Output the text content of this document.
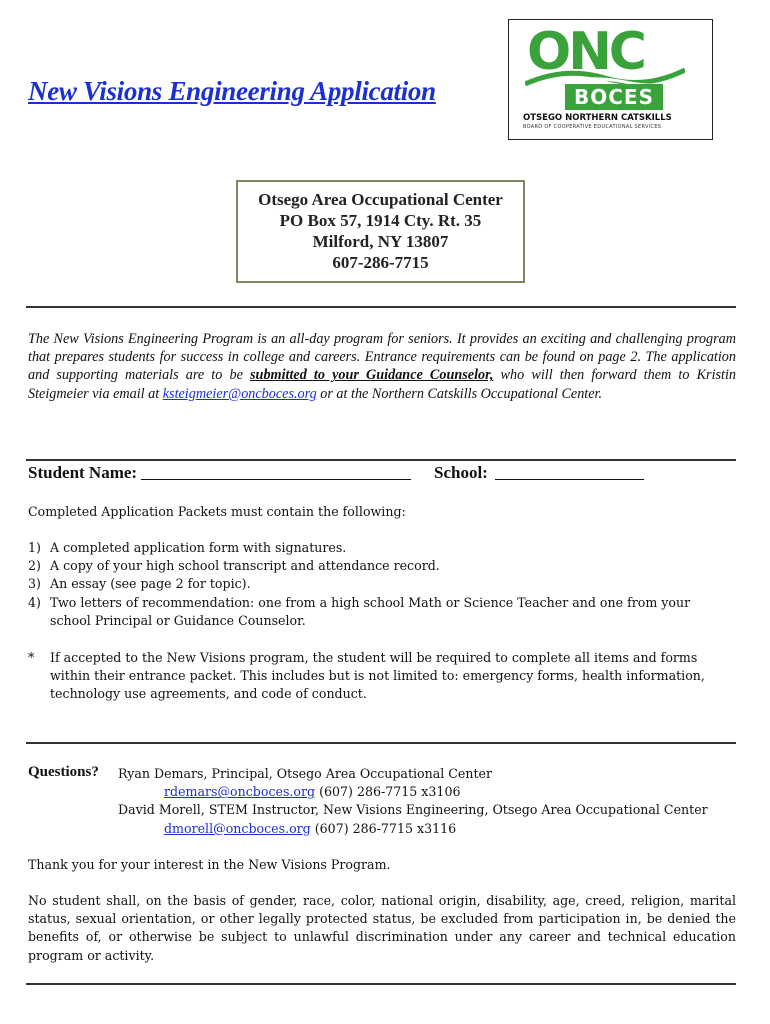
New Visions Engineering Application
ONC
BOCES
OTSEGO NORTHERN CATSKILLS
BOARD OF COOPERATIVE EDUCATIONAL SERVICES
Otsego Area Occupational Center
PO Box 57, 1914 Cty. Rt. 35
Milford, NY 13807
607-286-7715
The New Visions Engineering Program is an all-day program for seniors. It provides an exciting and challenging program that prepares students for success in college and careers. Entrance requirements can be found on page 2. The application and supporting materials are to be submitted to your Guidance Counselor, who will then forward them to Kristin Steigmeier via email at ksteigmeier@oncboces.org or at the Northern Catskills Occupational Center.
Student Name:	School:
Completed Application Packets must contain the following:
1) A completed application form with signatures.
2) A copy of your high school transcript and attendance record.
3) An essay (see page 2 for topic).
4) Two letters of recommendation: one from a high school Math or Science Teacher and one from your school Principal or Guidance Counselor.
*	If accepted to the New Visions program, the student will be required to complete all items and forms within their entrance packet. This includes but is not limited to: emergency forms, health information, technology use agreements, and code of conduct.
Questions? Ryan Demars, Principal, Otsego Area Occupational Center
rdemars@oncboces.org (607) 286-7715 x3106
David Morell, STEM Instructor, New Visions Engineering, Otsego Area Occupational Center
dmorell@oncboces.org (607) 286-7715 x3116
Thank you for your interest in the New Visions Program.
No student shall, on the basis of gender, race, color, national origin, disability, age, creed, religion, marital status, sexual orientation, or other legally protected status, be excluded from participation in, be denied the benefits of, or otherwise be subject to unlawful discrimination under any career and technical education program or activity.
